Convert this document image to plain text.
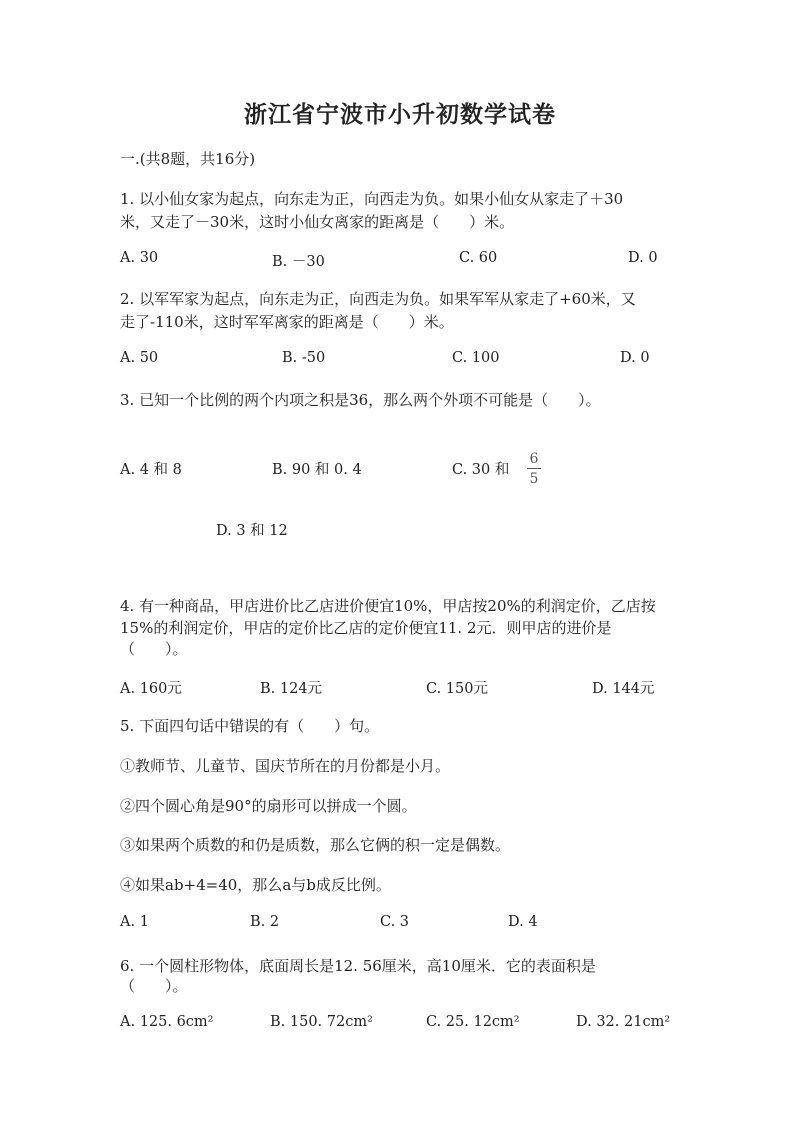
浙江省宁波市小升初数学试卷
一.(共8题，共16分)
1. 以小仙女家为起点，向东走为正，向西走为负。如果小仙女从家走了＋30
米，又走了－30米，这时小仙女离家的距离是（　　）米。
A. 30	B. －30	C. 60	D. 0
2. 以军军家为起点，向东走为正，向西走为负。如果军军从家走了+60米，又
走了-110米，这时军军离家的距离是（　　）米。
A. 50	B. -50	C. 100	D. 0
3. 已知一个比例的两个内项之积是36，那么两个外项不可能是（　　）。
A. 4 和 8	B. 90 和 0. 4	C. 30 和
6
5
D. 3 和 12
4. 有一种商品，甲店进价比乙店进价便宜10%，甲店按20%的利润定价，乙店按
15%的利润定价，甲店的定价比乙店的定价便宜11. 2元．则甲店的进价是
（　　）。
A. 160元	B. 124元	C. 150元	D. 144元
5. 下面四句话中错误的有（　　）句。
①教师节、儿童节、国庆节所在的月份都是小月。
②四个圆心角是90°的扇形可以拼成一个圆。
③如果两个质数的和仍是质数，那么它俩的积一定是偶数。
④如果ab+4=40，那么a与b成反比例。
A. 1	B. 2	C. 3	D. 4
6. 一个圆柱形物体，底面周长是12. 56厘米，高10厘米．它的表面积是
（　　）。
A. 125. 6cm²	B. 150. 72cm²	C. 25. 12cm²	D. 32. 21cm²
